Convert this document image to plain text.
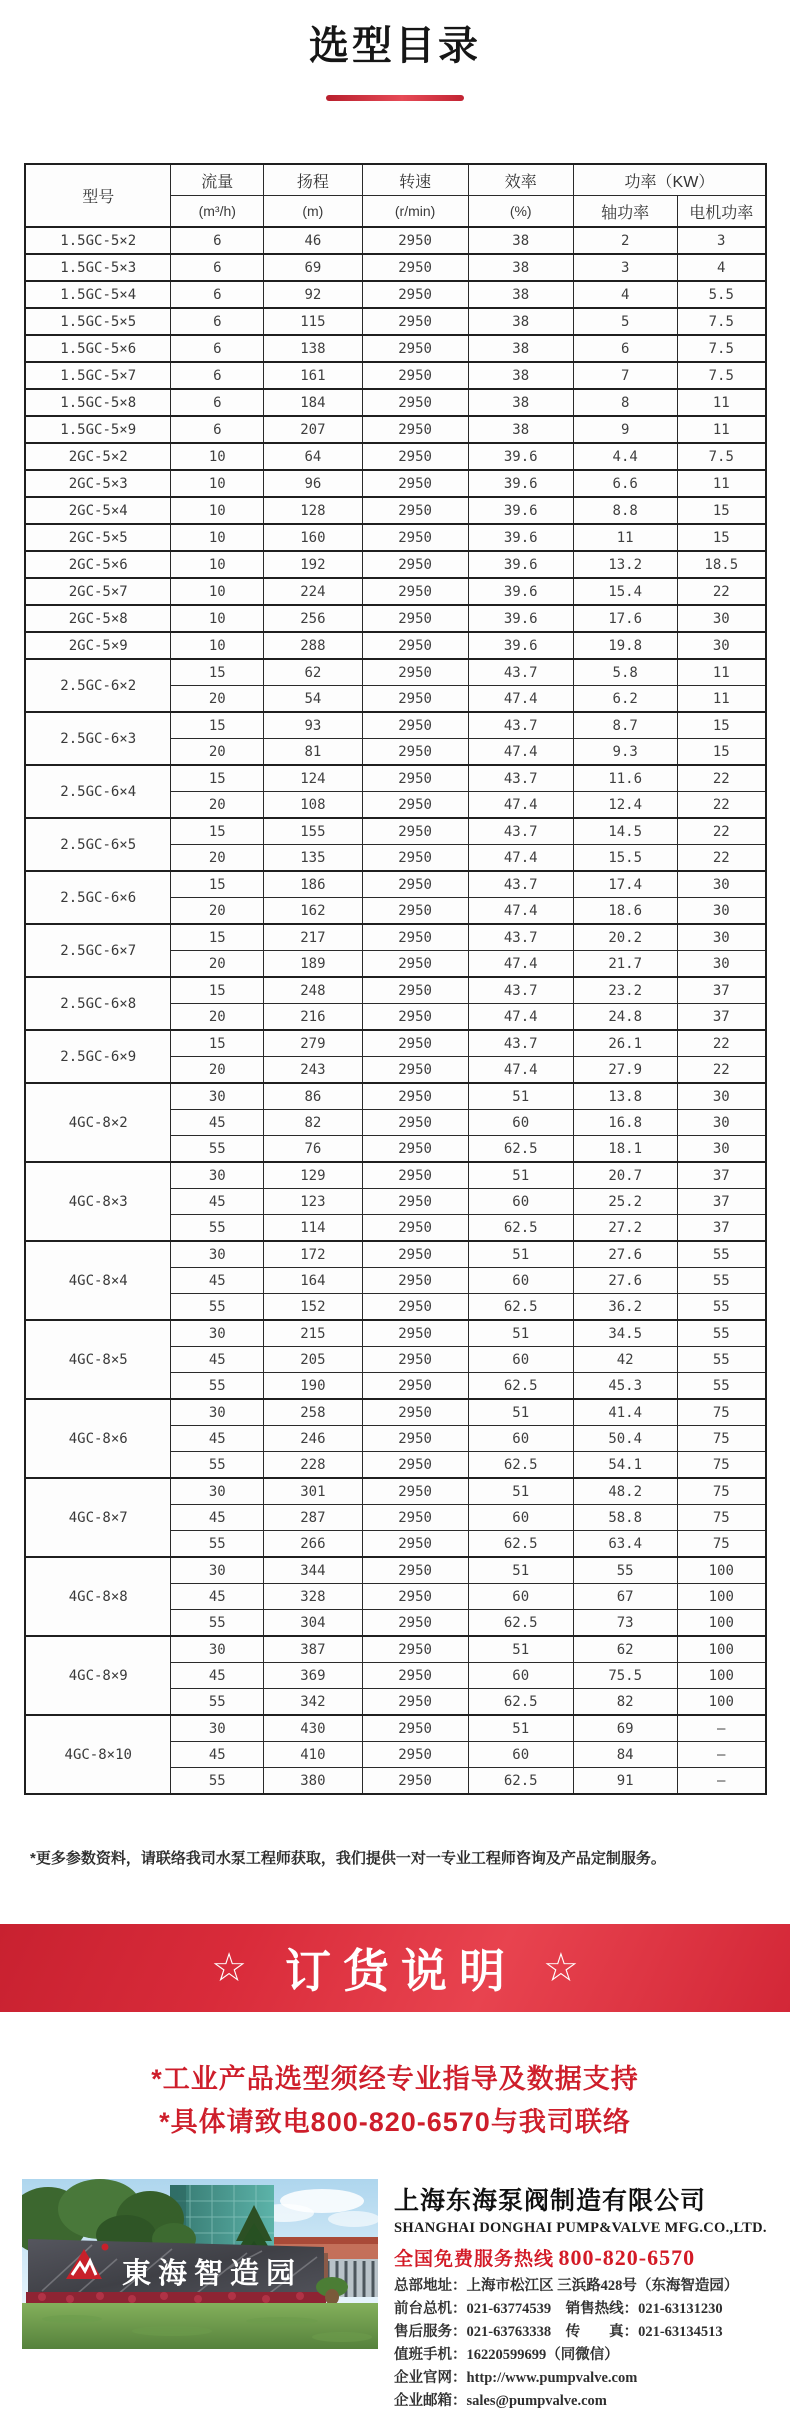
选型目录
型号	流量	扬程	转速	效率	功率（KW）	
	(m³/h)	(m)	(r/min)	(%)	轴功率	电机功率
1.5GC-5×2	6	46	2950	38	2	3
1.5GC-5×3	6	69	2950	38	3	4
1.5GC-5×4	6	92	2950	38	4	5.5
1.5GC-5×5	6	115	2950	38	5	7.5
1.5GC-5×6	6	138	2950	38	6	7.5
1.5GC-5×7	6	161	2950	38	7	7.5
1.5GC-5×8	6	184	2950	38	8	11
1.5GC-5×9	6	207	2950	38	9	11
2GC-5×2	10	64	2950	39.6	4.4	7.5
2GC-5×3	10	96	2950	39.6	6.6	11
2GC-5×4	10	128	2950	39.6	8.8	15
2GC-5×5	10	160	2950	39.6	11	15
2GC-5×6	10	192	2950	39.6	13.2	18.5
2GC-5×7	10	224	2950	39.6	15.4	22
2GC-5×8	10	256	2950	39.6	17.6	30
2GC-5×9	10	288	2950	39.6	19.8	30
2.5GC-6×2	15	62	2950	43.7	5.8	11
	20	54	2950	47.4	6.2	11
2.5GC-6×3	15	93	2950	43.7	8.7	15
	20	81	2950	47.4	9.3	15
2.5GC-6×4	15	124	2950	43.7	11.6	22
	20	108	2950	47.4	12.4	22
2.5GC-6×5	15	155	2950	43.7	14.5	22
	20	135	2950	47.4	15.5	22
2.5GC-6×6	15	186	2950	43.7	17.4	30
	20	162	2950	47.4	18.6	30
2.5GC-6×7	15	217	2950	43.7	20.2	30
	20	189	2950	47.4	21.7	30
2.5GC-6×8	15	248	2950	43.7	23.2	37
	20	216	2950	47.4	24.8	37
2.5GC-6×9	15	279	2950	43.7	26.1	22
	20	243	2950	47.4	27.9	22
4GC-8×2	30	86	2950	51	13.8	30
	45	82	2950	60	16.8	30
	55	76	2950	62.5	18.1	30
4GC-8×3	30	129	2950	51	20.7	37
	45	123	2950	60	25.2	37
	55	114	2950	62.5	27.2	37
4GC-8×4	30	172	2950	51	27.6	55
	45	164	2950	60	27.6	55
	55	152	2950	62.5	36.2	55
4GC-8×5	30	215	2950	51	34.5	55
	45	205	2950	60	42	55
	55	190	2950	62.5	45.3	55
4GC-8×6	30	258	2950	51	41.4	75
	45	246	2950	60	50.4	75
	55	228	2950	62.5	54.1	75
4GC-8×7	30	301	2950	51	48.2	75
	45	287	2950	60	58.8	75
	55	266	2950	62.5	63.4	75
4GC-8×8	30	344	2950	51	55	100
	45	328	2950	60	67	100
	55	304	2950	62.5	73	100
4GC-8×9	30	387	2950	51	62	100
	45	369	2950	60	75.5	100
	55	342	2950	62.5	82	100
4GC-8×10	30	430	2950	51	69	–
	45	410	2950	60	84	–
	55	380	2950	62.5	91	–
*更多参数资料，请联络我司水泵工程师获取，我们提供一对一专业工程师咨询及产品定制服务。
☆ 订货说明 ☆
*工业产品选型须经专业指导及数据支持
*具体请致电800-820-6570与我司联络
東海智造园
上海东海泵阀制造有限公司
SHANGHAI DONGHAI PUMP&VALVE MFG.CO.,LTD.
全国免费服务热线 800-820-6570
总部地址：上海市松江区 三浜路428号（东海智造园）
前台总机：021-63774539　销售热线：021-63131230
售后服务：021-63763338　传　　真：021-63134513
值班手机：16220599699（同微信）
企业官网：http://www.pumpvalve.com
企业邮箱：sales@pumpvalve.com
